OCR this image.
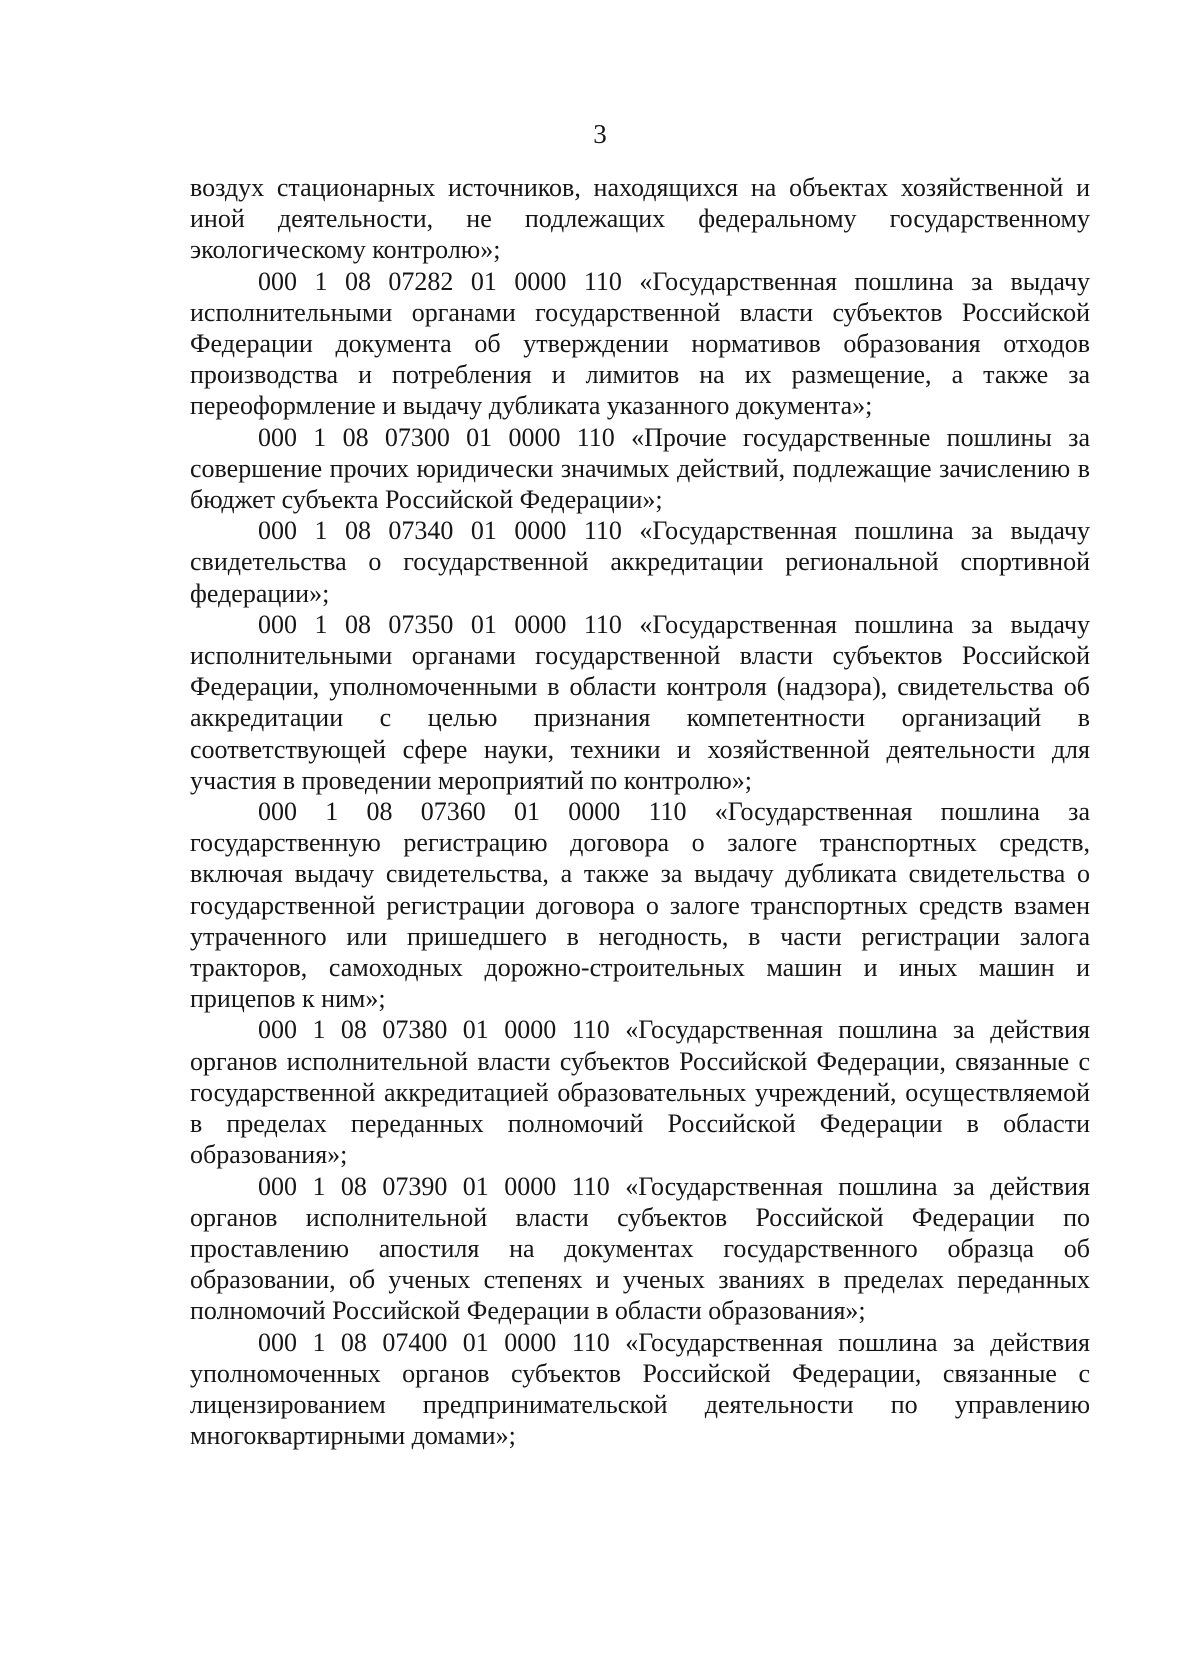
3

воздух стационарных источников, находящихся на объектах хозяйственной и иной деятельности, не подлежащих федеральному государственному экологическому контролю»;

000 1 08 07282 01 0000 110 «Государственная пошлина за выдачу исполнительными органами государственной власти субъектов Российской Федерации документа об утверждении нормативов образования отходов производства и потребления и лимитов на их размещение, а также за переоформление и выдачу дубликата указанного документа»;

000 1 08 07300 01 0000 110 «Прочие государственные пошлины за совершение прочих юридически значимых действий, подлежащие зачислению в бюджет субъекта Российской Федерации»;

000 1 08 07340 01 0000 110 «Государственная пошлина за выдачу свидетельства о государственной аккредитации региональной спортивной федерации»;

000 1 08 07350 01 0000 110 «Государственная пошлина за выдачу исполнительными органами государственной власти субъектов Российской Федерации, уполномоченными в области контроля (надзора), свидетельства об аккредитации с целью признания компетентности организаций в соответствующей сфере науки, техники и хозяйственной деятельности для участия в проведении мероприятий по контролю»;

000 1 08 07360 01 0000 110 «Государственная пошлина за государственную регистрацию договора о залоге транспортных средств, включая выдачу свидетельства, а также за выдачу дубликата свидетельства о государственной регистрации договора о залоге транспортных средств взамен утраченного или пришедшего в негодность, в части регистрации залога тракторов, самоходных дорожно-строительных машин и иных машин и прицепов к ним»;

000 1 08 07380 01 0000 110 «Государственная пошлина за действия органов исполнительной власти субъектов Российской Федерации, связанные с государственной аккредитацией образовательных учреждений, осуществляемой в пределах переданных полномочий Российской Федерации в области образования»;

000 1 08 07390 01 0000 110 «Государственная пошлина за действия органов исполнительной власти субъектов Российской Федерации по проставлению апостиля на документах государственного образца об образовании, об ученых степенях и ученых званиях в пределах переданных полномочий Российской Федерации в области образования»;

000 1 08 07400 01 0000 110 «Государственная пошлина за действия уполномоченных органов субъектов Российской Федерации, связанные с лицензированием предпринимательской деятельности по управлению многоквартирными домами»;
